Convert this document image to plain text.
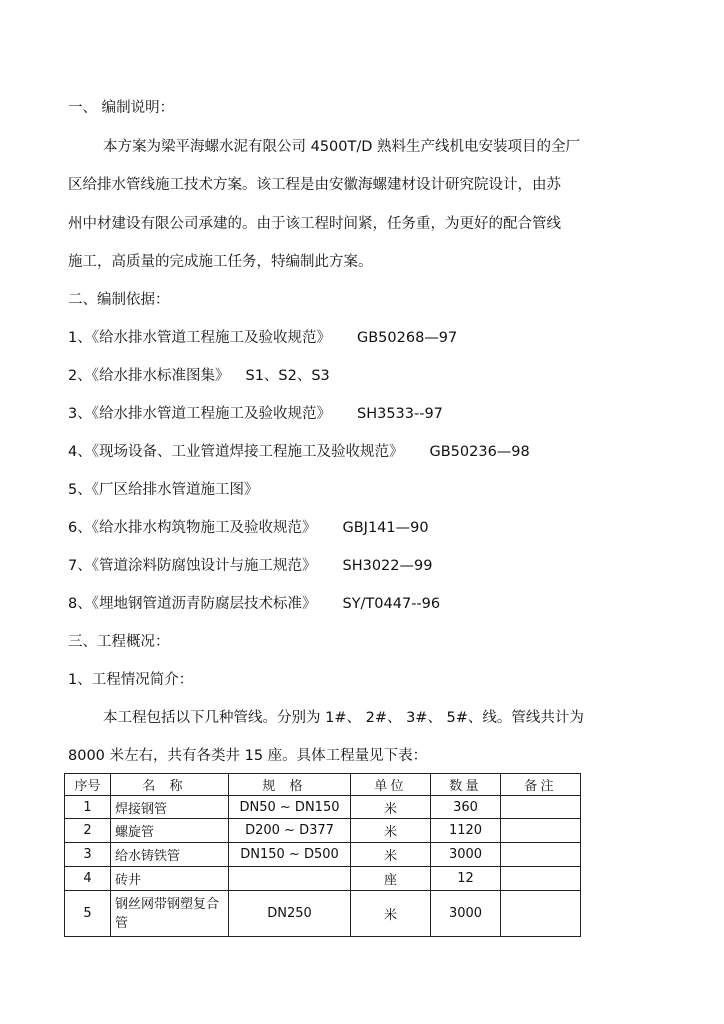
一、 编制说明：
本方案为梁平海螺水泥有限公司 4500T/D 熟料生产线机电安装项目的全厂
区给排水管线施工技术方案。该工程是由安徽海螺建材设计研究院设计，由苏
州中材建设有限公司承建的。由于该工程时间紧，任务重，为更好的配合管线
施工，高质量的完成施工任务，特编制此方案。
二、编制依据：
1、《给水排水管道工程施工及验收规范》 GB50268—97
2、《给水排水标准图集》 S1、S2、S3
3、《给水排水管道工程施工及验收规范》 SH3533--97
4、《现场设备、工业管道焊接工程施工及验收规范》 GB50236—98
5、《厂区给排水管道施工图》
6、《给水排水构筑物施工及验收规范》 GBJ141—90
7、《管道涂料防腐蚀设计与施工规范》 SH3022—99
8、《埋地钢管道沥青防腐层技术标准》 SY/T0447--96
三、工程概况：
1、工程情况简介：
本工程包括以下几种管线。分别为 1#、 2#、 3#、 5#、线。管线共计为
8000 米左右，共有各类井 15 座。具体工程量见下表：
序号	名称	规格	单位	数量	备注
1	焊接钢管	DN50 ~ DN150	米	360	
2	螺旋管	D200 ~ D377	米	1120	
3	给水铸铁管	DN150 ~ D500	米	3000	
4	砖井		座	12	
5	钢丝网带钢塑复合管	DN250	米	3000	
